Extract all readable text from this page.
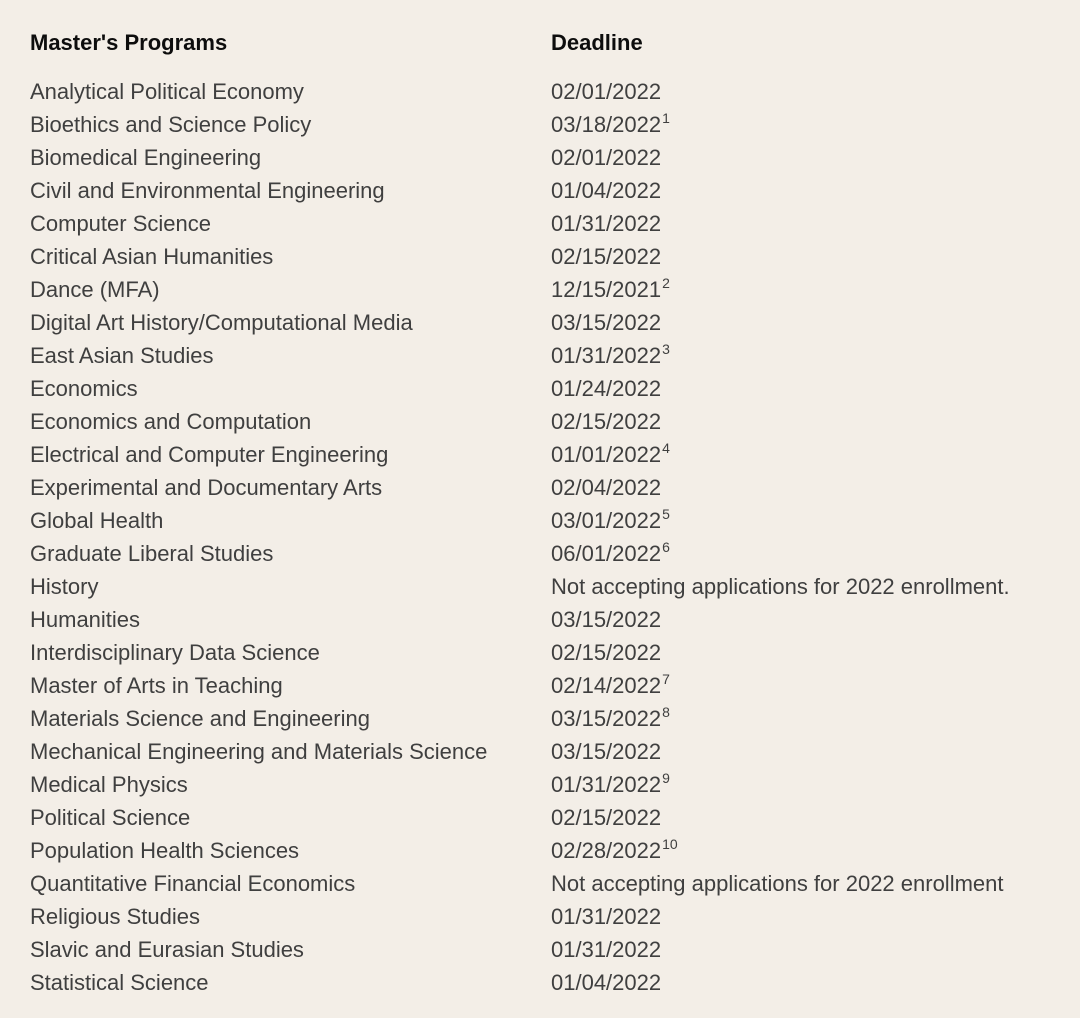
Master's Programs	Deadline

Analytical Political Economy	02/01/2022
Bioethics and Science Policy	03/18/2022$^1$
Biomedical Engineering	02/01/2022
Civil and Environmental Engineering	01/04/2022
Computer Science	01/31/2022
Critical Asian Humanities	02/15/2022
Dance (MFA)	12/15/2021$^2$
Digital Art History/Computational Media	03/15/2022
East Asian Studies	01/31/2022$^3$
Economics	01/24/2022
Economics and Computation	02/15/2022
Electrical and Computer Engineering	01/01/2022$^4$
Experimental and Documentary Arts	02/04/2022
Global Health	03/01/2022$^5$
Graduate Liberal Studies	06/01/2022$^6$
History	Not accepting applications for 2022 enrollment.
Humanities	03/15/2022
Interdisciplinary Data Science	02/15/2022
Master of Arts in Teaching	02/14/2022$^7$
Materials Science and Engineering	03/15/2022$^8$
Mechanical Engineering and Materials Science	03/15/2022
Medical Physics	01/31/2022$^9$
Political Science	02/15/2022
Population Health Sciences	02/28/2022$^{10}$
Quantitative Financial Economics	Not accepting applications for 2022 enrollment
Religious Studies	01/31/2022
Slavic and Eurasian Studies	01/31/2022
Statistical Science	01/04/2022
